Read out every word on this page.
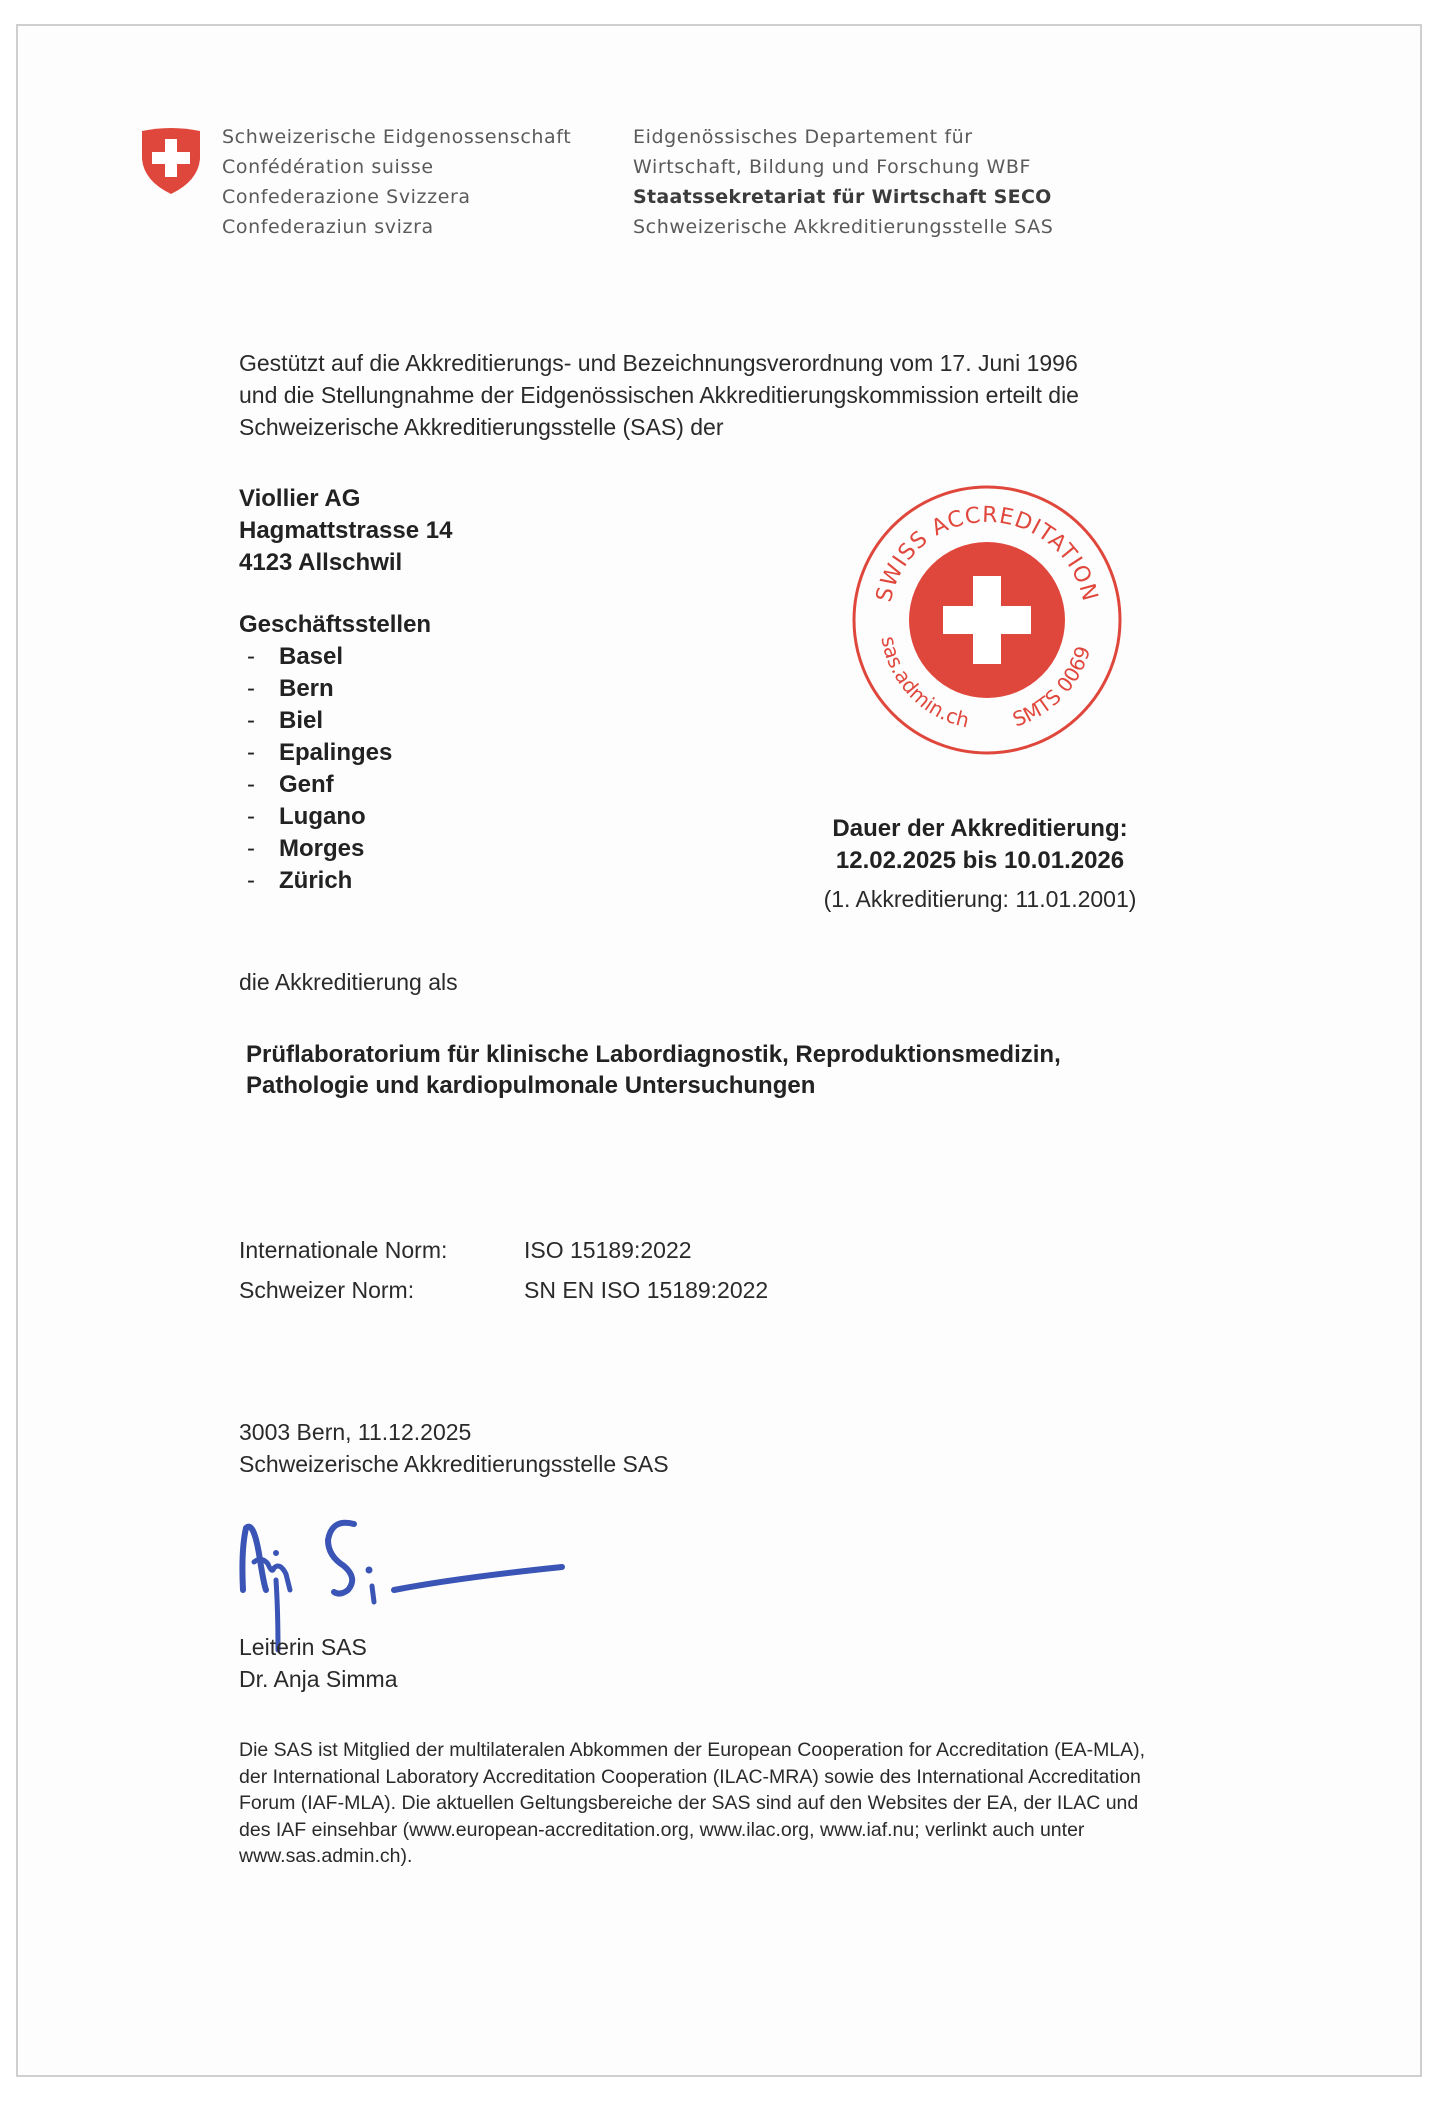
Schweizerische Eidgenossenschaft
Confédération suisse
Confederazione Svizzera
Confederaziun svizra
Eidgenössisches Departement für
Wirtschaft, Bildung und Forschung WBF
Staatssekretariat für Wirtschaft SECO
Schweizerische Akkreditierungsstelle SAS
Gestützt auf die Akkreditierungs- und Bezeichnungsverordnung vom 17. Juni 1996
und die Stellungnahme der Eidgenössischen Akkreditierungskommission erteilt die
Schweizerische Akkreditierungsstelle (SAS) der
Viollier AG
Hagmattstrasse 14
4123 Allschwil
Geschäftsstellen
-	Basel
-	Bern
-	Biel
-	Epalinges
-	Genf
-	Lugano
-	Morges
-	Zürich
SWISS ACCREDITATION
sas.admin.ch SMTS 0069
Dauer der Akkreditierung:
12.02.2025 bis 10.01.2026
(1. Akkreditierung: 11.01.2001)
die Akkreditierung als
Prüflaboratorium für klinische Labordiagnostik, Reproduktionsmedizin,
Pathologie und kardiopulmonale Untersuchungen
Internationale Norm:	ISO 15189:2022
Schweizer Norm:	SN EN ISO 15189:2022
3003 Bern, 11.12.2025
Schweizerische Akkreditierungsstelle SAS
Leiterin SAS
Dr. Anja Simma
Die SAS ist Mitglied der multilateralen Abkommen der European Cooperation for Accreditation (EA-MLA),
der International Laboratory Accreditation Cooperation (ILAC-MRA) sowie des International Accreditation
Forum (IAF-MLA). Die aktuellen Geltungsbereiche der SAS sind auf den Websites der EA, der ILAC und
des IAF einsehbar (www.european-accreditation.org, www.ilac.org, www.iaf.nu; verlinkt auch unter
www.sas.admin.ch).
